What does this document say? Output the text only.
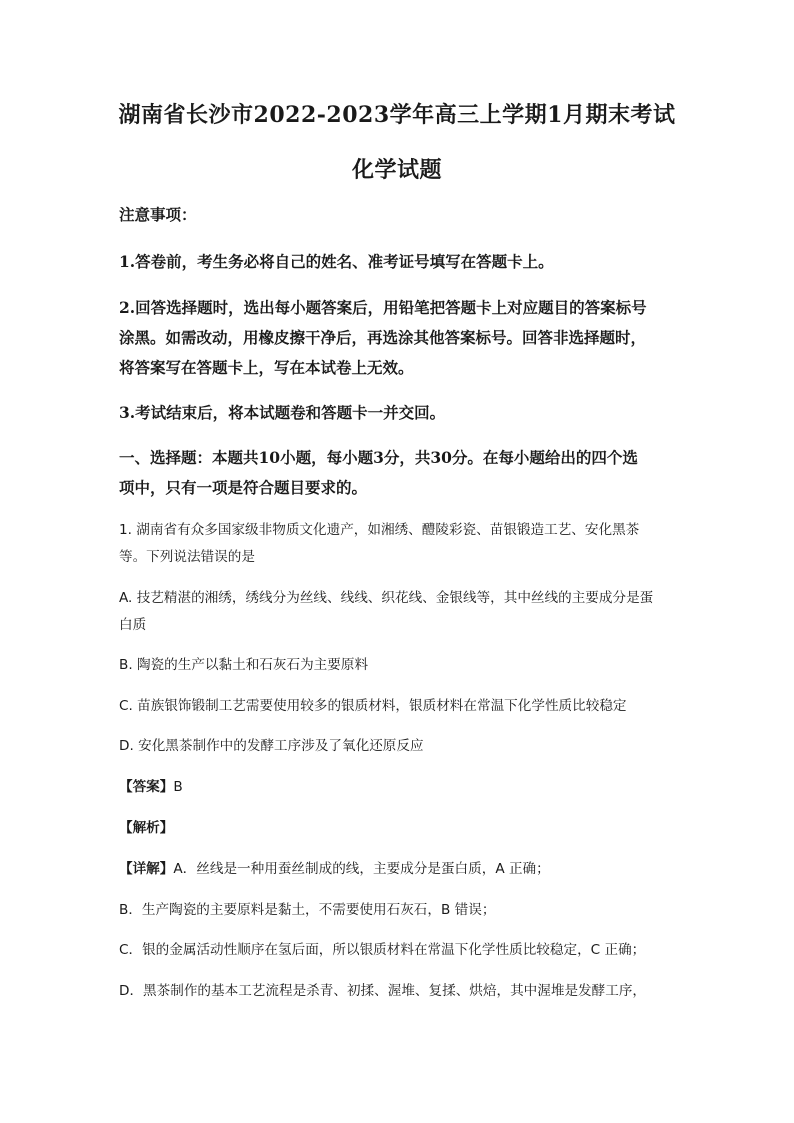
湖南省长沙市2022-2023学年高三上学期1月期末考试
化学试题
注意事项：
1.答卷前，考生务必将自己的姓名、准考证号填写在答题卡上。
2.回答选择题时，选出每小题答案后，用铅笔把答题卡上对应题目的答案标号
涂黑。如需改动，用橡皮擦干净后，再选涂其他答案标号。回答非选择题时，
将答案写在答题卡上，写在本试卷上无效。
3.考试结束后，将本试题卷和答题卡一并交回。
一、选择题：本题共10小题，每小题3分，共30分。在每小题给出的四个选
项中，只有一项是符合题目要求的。
1. 湖南省有众多国家级非物质文化遗产，如湘绣、醴陵彩瓷、苗银锻造工艺、安化黑茶
等。下列说法错误的是
A. 技艺精湛的湘绣，绣线分为丝线、线线、织花线、金银线等，其中丝线的主要成分是蛋
白质
B. 陶瓷的生产以黏土和石灰石为主要原料
C. 苗族银饰锻制工艺需要使用较多的银质材料，银质材料在常温下化学性质比较稳定
D. 安化黑茶制作中的发酵工序涉及了氧化还原反应
【答案】B
【解析】
【详解】A．丝线是一种用蚕丝制成的线，主要成分是蛋白质，A 正确；
B．生产陶瓷的主要原料是黏土，不需要使用石灰石，B 错误；
C．银的金属活动性顺序在氢后面，所以银质材料在常温下化学性质比较稳定，C 正确；
D．黑茶制作的基本工艺流程是杀青、初揉、渥堆、复揉、烘焙，其中渥堆是发酵工序，
